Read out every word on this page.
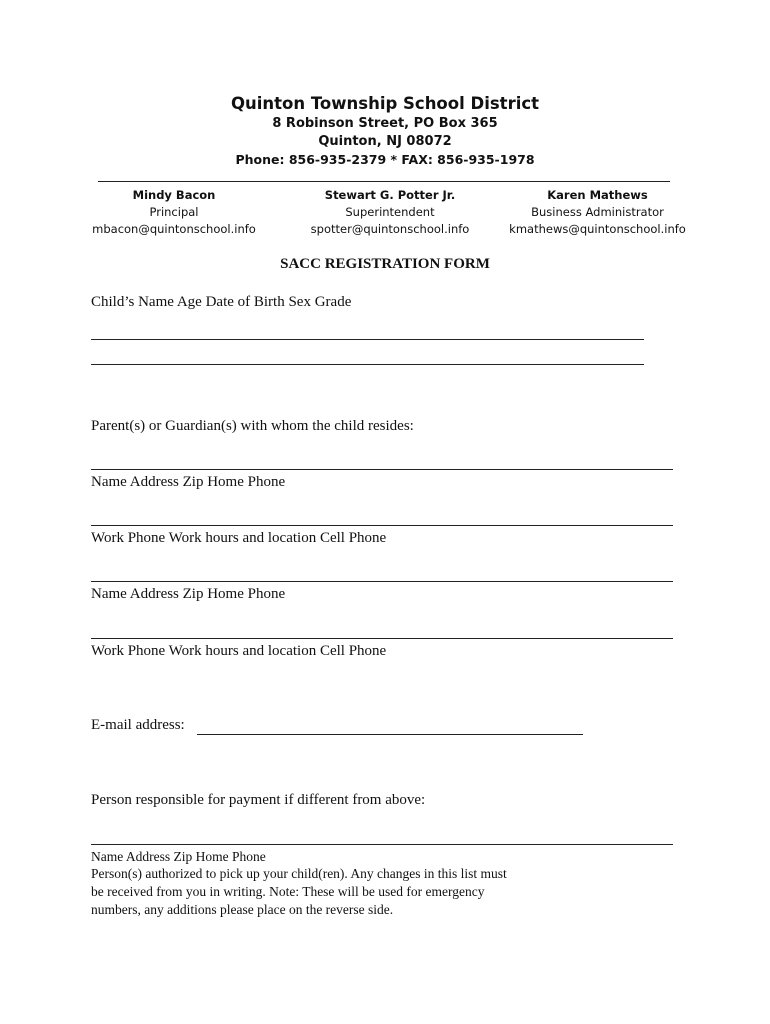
Quinton Township School District
8 Robinson Street, PO Box 365
Quinton, NJ 08072
Phone: 856-935-2379 * FAX: 856-935-1978
Mindy Bacon
Principal
mbacon@quintonschool.info
Stewart G. Potter Jr.
Superintendent
spotter@quintonschool.info
Karen Mathews
Business Administrator
kmathews@quintonschool.info
SACC REGISTRATION FORM
Child’s Name Age Date of Birth Sex Grade
Parent(s) or Guardian(s) with whom the child resides:
Name Address Zip Home Phone
Work Phone Work hours and location Cell Phone
Name Address Zip Home Phone
Work Phone Work hours and location Cell Phone
E-mail address:
Person responsible for payment if different from above:
Name Address Zip Home Phone
Person(s) authorized to pick up your child(ren). Any changes in this list must
be received from you in writing. Note: These will be used for emergency
numbers, any additions please place on the reverse side.
